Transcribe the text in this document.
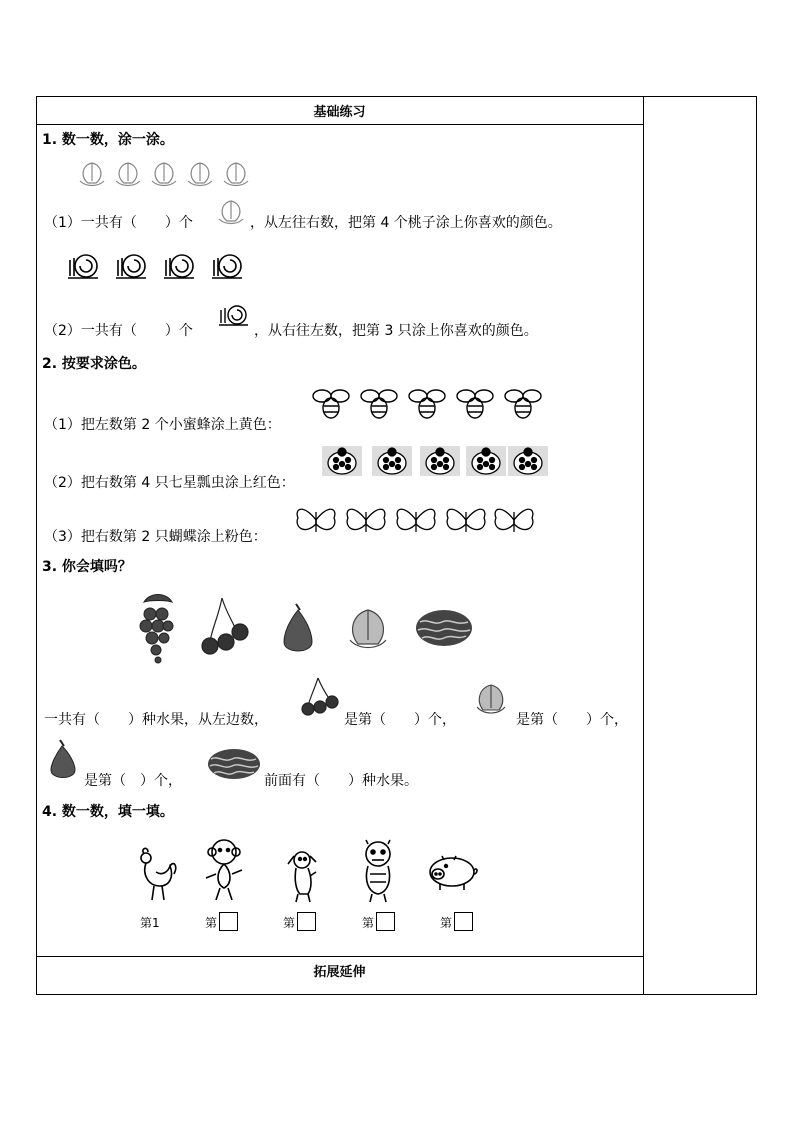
基础练习
拓展延伸
1. 数一数，涂一涂。
（1）一共有（　　）个	，从左往右数，把第 4 个桃子涂上你喜欢的颜色。
（2）一共有（　　）个	，从右往左数，把第 3 只涂上你喜欢的颜色。
2. 按要求涂色。
（1）把左数第 2 个小蜜蜂涂上黄色：
（2）把右数第 4 只七星瓢虫涂上红色：
（3）把右数第 2 只蝴蝶涂上粉色：
3. 你会填吗？
一共有（　　）种水果，从左边数，	是第（　　）个，	是第（　　）个，
是第（　）个，	前面有（　　）种水果。
4. 数一数，填一填。
第1	第	第	第	第
